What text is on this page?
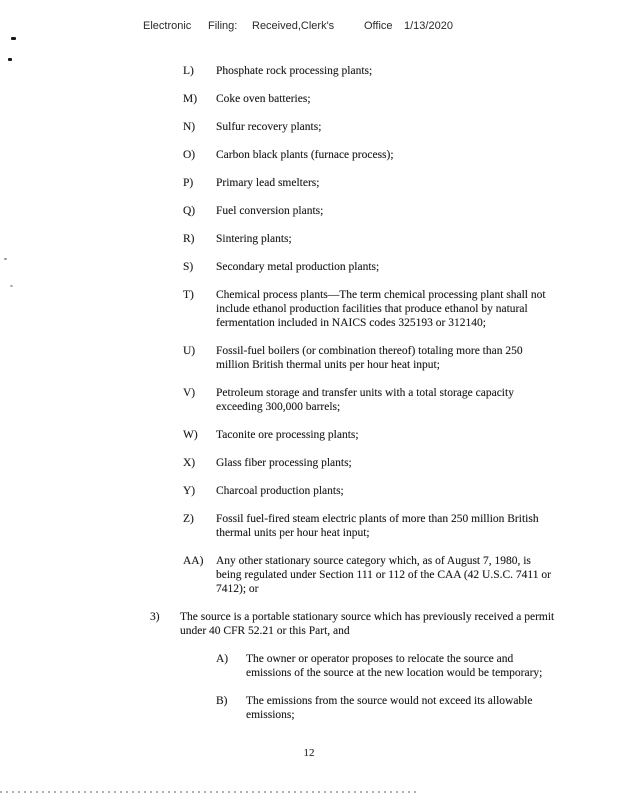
Electronic Filing: Received,Clerk's	Office 1/13/2020
L)	Phosphate rock processing plants;
M)	Coke oven batteries;
N)	Sulfur recovery plants;
O)	Carbon black plants (furnace process);
P)	Primary lead smelters;
Q)	Fuel conversion plants;
R)	Sintering plants;
S)	Secondary metal production plants;
T)	Chemical process plants—The term chemical processing plant shall not include ethanol production facilities that produce ethanol by natural fermentation included in NAICS codes 325193 or 312140;
U)	Fossil-fuel boilers (or combination thereof) totaling more than 250 million British thermal units per hour heat input;
V)	Petroleum storage and transfer units with a total storage capacity exceeding 300,000 barrels;
W)	Taconite ore processing plants;
X)	Glass fiber processing plants;
Y)	Charcoal production plants;
Z)	Fossil fuel-fired steam electric plants of more than 250 million British thermal units per hour heat input;
AA)	Any other stationary source category which, as of August 7, 1980, is being regulated under Section 111 or 112 of the CAA (42 U.S.C. 7411 or 7412); or
3)	The source is a portable stationary source which has previously received a permit under 40 CFR 52.21 or this Part, and
A)	The owner or operator proposes to relocate the source and emissions of the source at the new location would be temporary;
B)	The emissions from the source would not exceed its allowable emissions;
12
